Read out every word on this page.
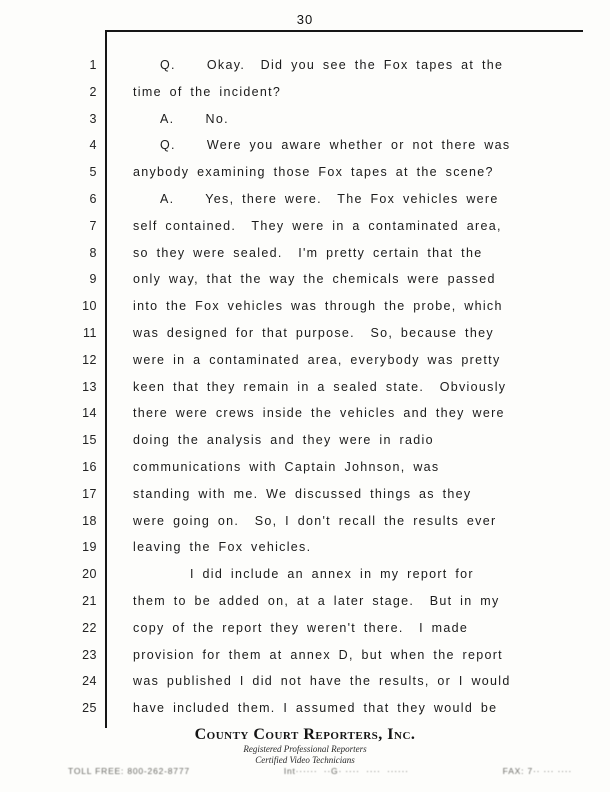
30
1	Q.    Okay.  Did you see the Fox tapes at the
2	time of the incident?
3	A.    No.
4	Q.    Were you aware whether or not there was
5	anybody examining those Fox tapes at the scene?
6	A.    Yes, there were.  The Fox vehicles were
7	self contained.  They were in a contaminated area,
8	so they were sealed.  I'm pretty certain that the
9	only way, that the way the chemicals were passed
10	into the Fox vehicles was through the probe, which
11	was designed for that purpose.  So, because they
12	were in a contaminated area, everybody was pretty
13	keen that they remain in a sealed state.  Obviously
14	there were crews inside the vehicles and they were
15	doing the analysis and they were in radio
16	communications with Captain Johnson, was
17	standing with me. We discussed things as they
18	were going on.  So, I don't recall the results ever
19	leaving the Fox vehicles.
20	I did include an annex in my report for
21	them to be added on, at a later stage.  But in my
22	copy of the report they weren't there.  I made
23	provision for them at annex D, but when the report
24	was published I did not have the results, or I would
25	have included them. I assumed that they would be
County Court Reporters, Inc.
Registered Professional Reporters
Certified Video Technicians
TOLL FREE: 800-262-8777	Int······  ··G· ····  ····  ······	FAX: 7·· ··· ····
